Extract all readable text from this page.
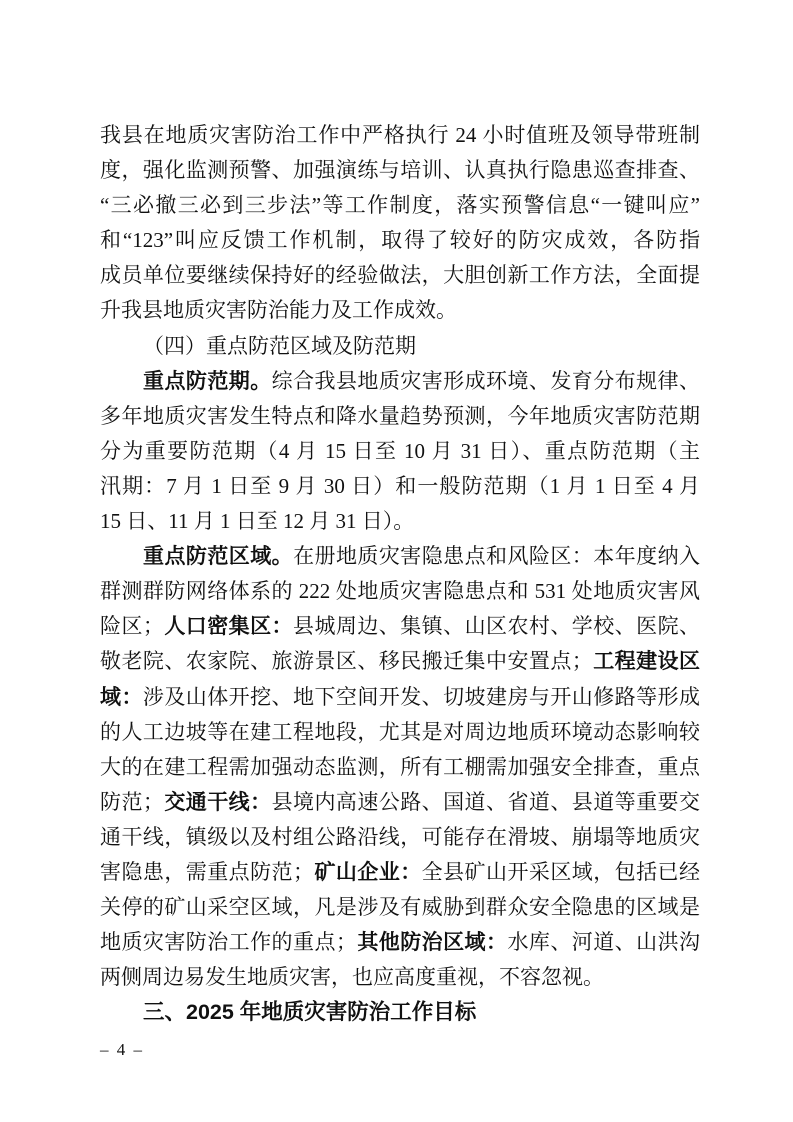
我县在地质灾害防治工作中严格执行 24 小时值班及领导带班制
度，强化监测预警、加强演练与培训、认真执行隐患巡查排查、
“三必撤三必到三步法”等工作制度，落实预警信息“一键叫应”
和“123”叫应反馈工作机制，取得了较好的防灾成效，各防指
成员单位要继续保持好的经验做法，大胆创新工作方法，全面提
升我县地质灾害防治能力及工作成效。
（四）重点防范区域及防范期
重点防范期。综合我县地质灾害形成环境、发育分布规律、
多年地质灾害发生特点和降水量趋势预测，今年地质灾害防范期
分为重要防范期（4 月 15 日至 10 月 31 日）、重点防范期（主
汛期：7 月 1 日至 9 月 30 日）和一般防范期（1 月 1 日至 4 月
15 日、11 月 1 日至 12 月 31 日）。
重点防范区域。在册地质灾害隐患点和风险区：本年度纳入
群测群防网络体系的 222 处地质灾害隐患点和 531 处地质灾害风
险区；人口密集区：县城周边、集镇、山区农村、学校、医院、
敬老院、农家院、旅游景区、移民搬迁集中安置点；工程建设区
域：涉及山体开挖、地下空间开发、切坡建房与开山修路等形成
的人工边坡等在建工程地段，尤其是对周边地质环境动态影响较
大的在建工程需加强动态监测，所有工棚需加强安全排查，重点
防范；交通干线：县境内高速公路、国道、省道、县道等重要交
通干线，镇级以及村组公路沿线，可能存在滑坡、崩塌等地质灾
害隐患，需重点防范；矿山企业：全县矿山开采区域，包括已经
关停的矿山采空区域，凡是涉及有威胁到群众安全隐患的区域是
地质灾害防治工作的重点；其他防治区域：水库、河道、山洪沟
两侧周边易发生地质灾害，也应高度重视，不容忽视。
三、2025 年地质灾害防治工作目标
– 4 –
